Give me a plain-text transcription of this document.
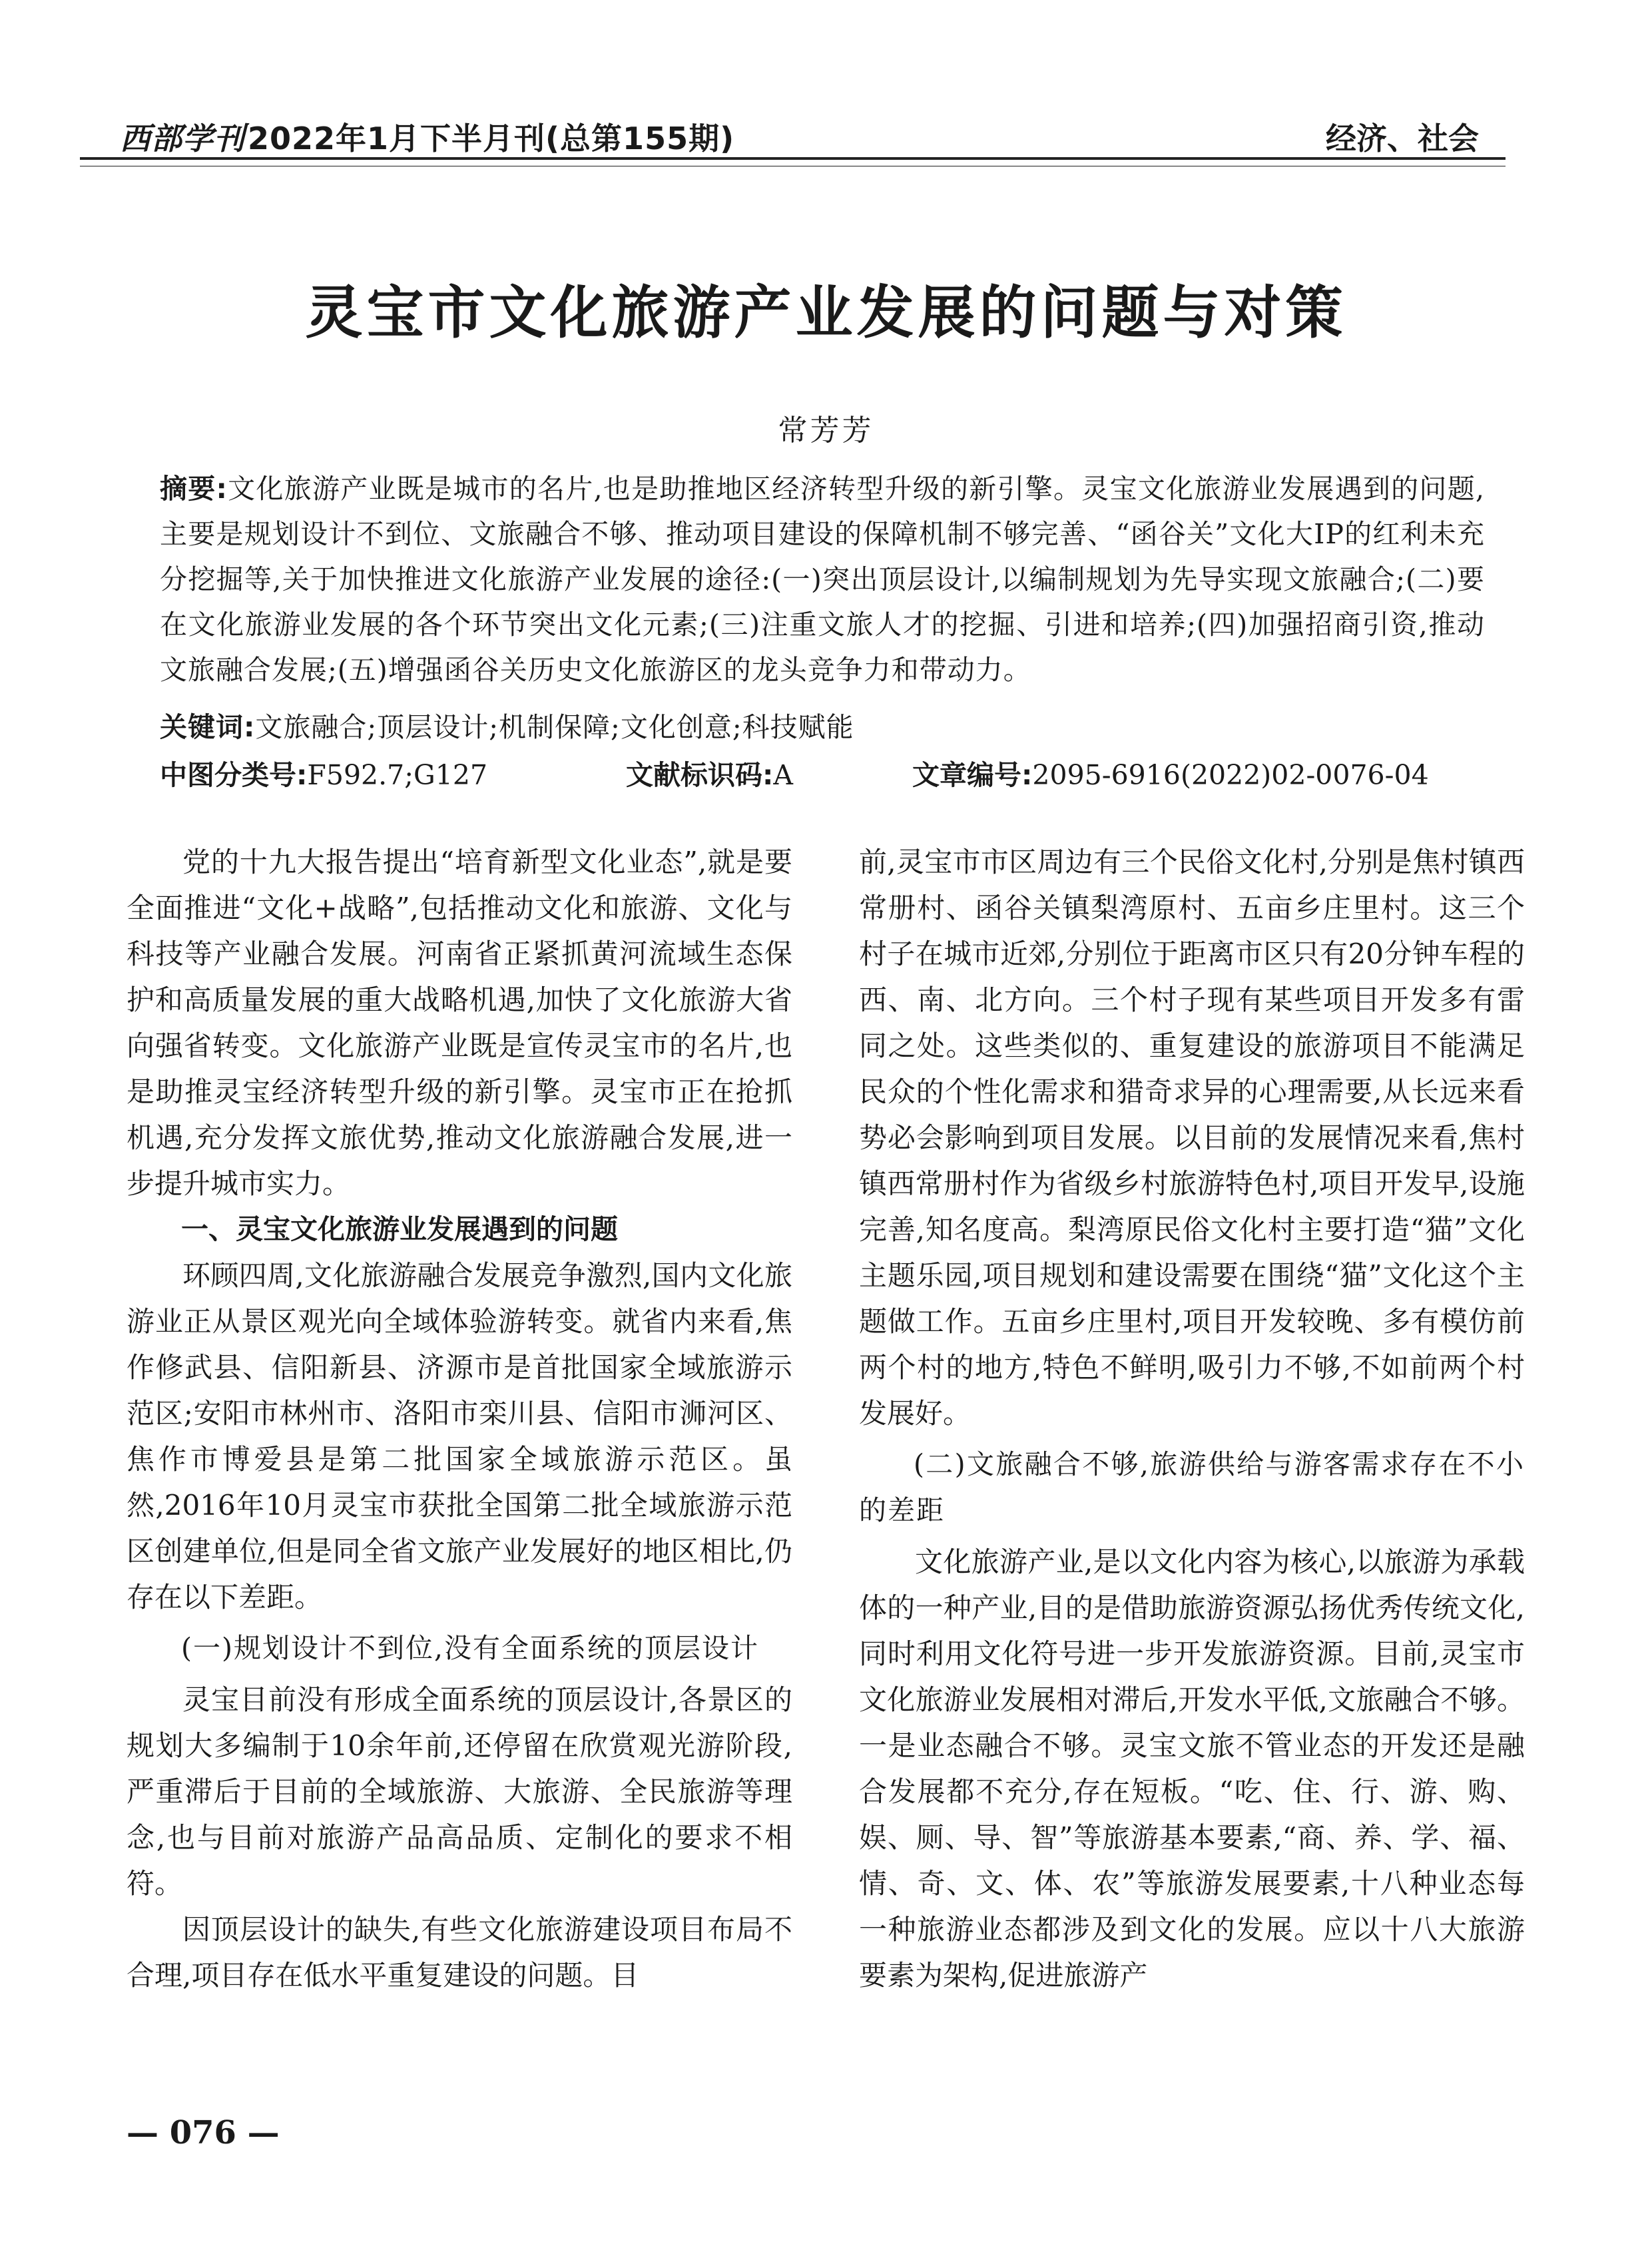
西部学刊2022年1月下半月刊(总第155期)	经济、社会
灵宝市文化旅游产业发展的问题与对策
常芳芳
摘要:文化旅游产业既是城市的名片,也是助推地区经济转型升级的新引擎。灵宝文化旅游业发展遇到的问题,主要是规划设计不到位、文旅融合不够、推动项目建设的保障机制不够完善、“函谷关”文化大IP的红利未充分挖掘等,关于加快推进文化旅游产业发展的途径:(一)突出顶层设计,以编制规划为先导实现文旅融合;(二)要在文化旅游业发展的各个环节突出文化元素;(三)注重文旅人才的挖掘、引进和培养;(四)加强招商引资,推动文旅融合发展;(五)增强函谷关历史文化旅游区的龙头竞争力和带动力。
关键词:文旅融合;顶层设计;机制保障;文化创意;科技赋能
中图分类号:F592.7;G127	文献标识码:A	文章编号:2095-6916(2022)02-0076-04

党的十九大报告提出“培育新型文化业态”,就是要全面推进“文化+战略”,包括推动文化和旅游、文化与科技等产业融合发展。河南省正紧抓黄河流域生态保护和高质量发展的重大战略机遇,加快了文化旅游大省向强省转变。文化旅游产业既是宣传灵宝市的名片,也是助推灵宝经济转型升级的新引擎。灵宝市正在抢抓机遇,充分发挥文旅优势,推动文化旅游融合发展,进一步提升城市实力。

一、灵宝文化旅游业发展遇到的问题

环顾四周,文化旅游融合发展竞争激烈,国内文化旅游业正从景区观光向全域体验游转变。就省内来看,焦作修武县、信阳新县、济源市是首批国家全域旅游示范区;安阳市林州市、洛阳市栾川县、信阳市浉河区、焦作市博爱县是第二批国家全域旅游示范区。虽然,2016年10月灵宝市获批全国第二批全域旅游示范区创建单位,但是同全省文旅产业发展好的地区相比,仍存在以下差距。

(一)规划设计不到位,没有全面系统的顶层设计

灵宝目前没有形成全面系统的顶层设计,各景区的规划大多编制于10余年前,还停留在欣赏观光游阶段,严重滞后于目前的全域旅游、大旅游、全民旅游等理念,也与目前对旅游产品高品质、定制化的要求不相符。

因顶层设计的缺失,有些文化旅游建设项目布局不合理,项目存在低水平重复建设的问题。目

前,灵宝市市区周边有三个民俗文化村,分别是焦村镇西常册村、函谷关镇梨湾原村、五亩乡庄里村。这三个村子在城市近郊,分别位于距离市区只有20分钟车程的西、南、北方向。三个村子现有某些项目开发多有雷同之处。这些类似的、重复建设的旅游项目不能满足民众的个性化需求和猎奇求异的心理需要,从长远来看势必会影响到项目发展。以目前的发展情况来看,焦村镇西常册村作为省级乡村旅游特色村,项目开发早,设施完善,知名度高。梨湾原民俗文化村主要打造“猫”文化主题乐园,项目规划和建设需要在围绕“猫”文化这个主题做工作。五亩乡庄里村,项目开发较晚、多有模仿前两个村的地方,特色不鲜明,吸引力不够,不如前两个村发展好。

(二)文旅融合不够,旅游供给与游客需求存在不小的差距

文化旅游产业,是以文化内容为核心,以旅游为承载体的一种产业,目的是借助旅游资源弘扬优秀传统文化,同时利用文化符号进一步开发旅游资源。目前,灵宝市文化旅游业发展相对滞后,开发水平低,文旅融合不够。一是业态融合不够。灵宝文旅不管业态的开发还是融合发展都不充分,存在短板。“吃、住、行、游、购、娱、厕、导、智”等旅游基本要素,“商、养、学、福、情、奇、文、体、农”等旅游发展要素,十八种业态每一种旅游业态都涉及到文化的发展。应以十八大旅游要素为架构,促进旅游产

— 076 —
